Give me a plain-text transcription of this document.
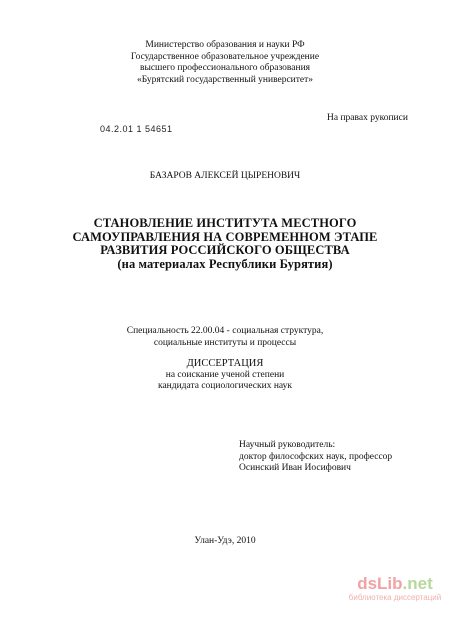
Министерство образования и науки РФ
Государственное образовательное учреждение
высшего профессионального образования
«Бурятский государственный университет»
На правах рукописи
04.2.01 1 54651
БАЗАРОВ АЛЕКСЕЙ ЦЫРЕНОВИЧ
СТАНОВЛЕНИЕ ИНСТИТУТА МЕСТНОГО
САМОУПРАВЛЕНИЯ НА СОВРЕМЕННОМ ЭТАПЕ
РАЗВИТИЯ РОССИЙСКОГО ОБЩЕСТВА
(на материалах Республики Бурятия)
Специальность 22.00.04 - социальная структура,
социальные институты и процессы
ДИССЕРТАЦИЯ
на соискание ученой степени
кандидата социологических наук
Научный руководитель:
доктор философских наук, профессор
Осинский Иван Иосифович
Улан-Удэ, 2010
dsLib.net
библиотека диссертаций
